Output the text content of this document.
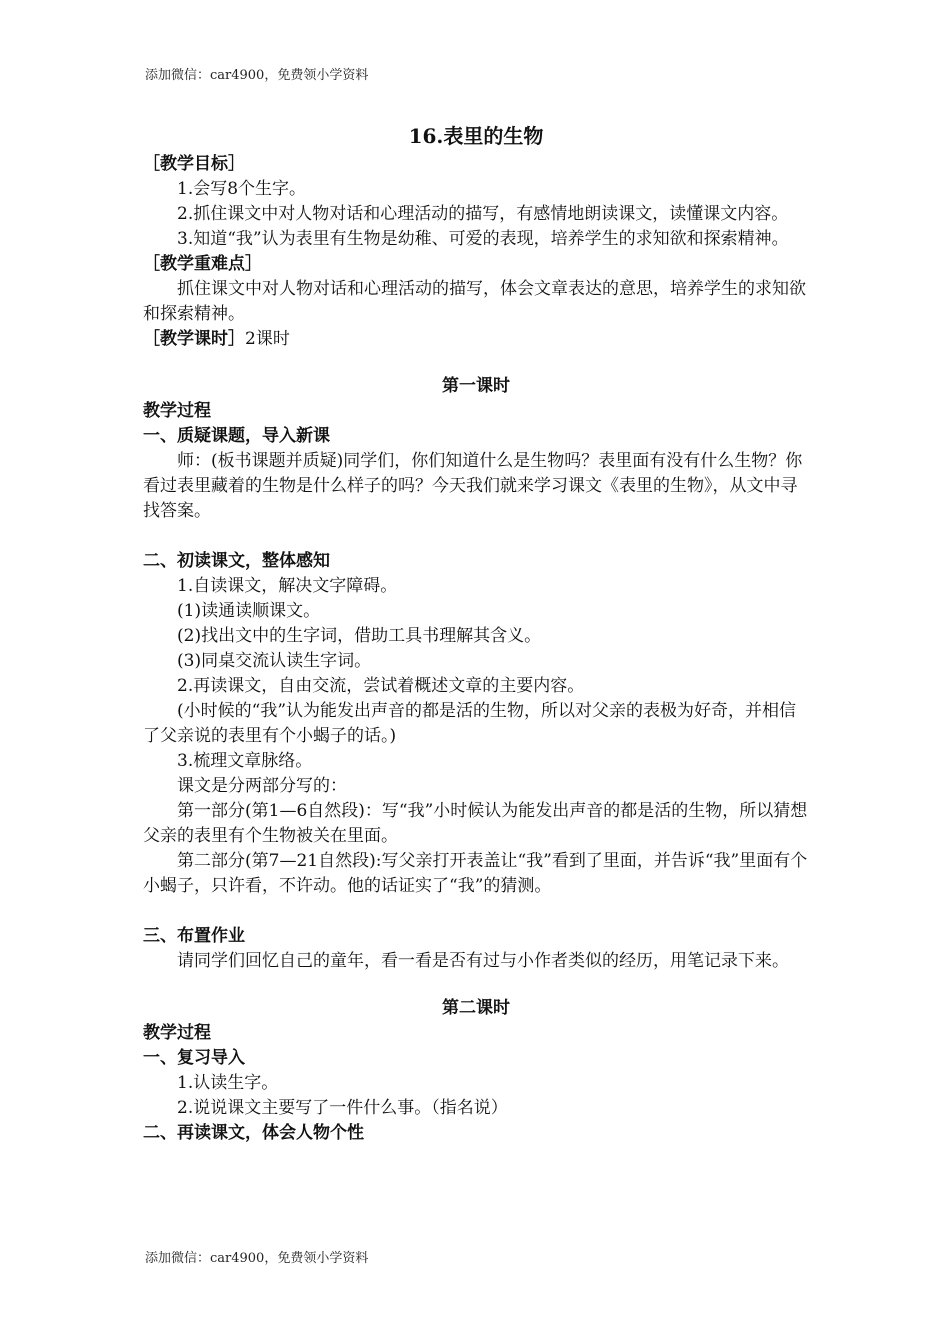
添加微信：car4900，免费领小学资料

16.表里的生物

［教学目标］

1.会写8个生字。

2.抓住课文中对人物对话和心理活动的描写，有感情地朗读课文，读懂课文内容。

3.知道“我”认为表里有生物是幼稚、可爱的表现，培养学生的求知欲和探索精神。

［教学重难点］

抓住课文中对人物对话和心理活动的描写，体会文章表达的意思，培养学生的求知欲和探索精神。

［教学课时］2课时

第一课时

教学过程

一、质疑课题，导入新课

师：(板书课题并质疑)同学们，你们知道什么是生物吗？表里面有没有什么生物？你看过表里藏着的生物是什么样子的吗？今天我们就来学习课文《表里的生物》，从文中寻找答案。

二、初读课文，整体感知

1.自读课文，解决文字障碍。

(1)读通读顺课文。

(2)找出文中的生字词，借助工具书理解其含义。

(3)同桌交流认读生字词。

2.再读课文，自由交流，尝试着概述文章的主要内容。

(小时候的“我”认为能发出声音的都是活的生物，所以对父亲的表极为好奇，并相信了父亲说的表里有个小蝎子的话。)

3.梳理文章脉络。

课文是分两部分写的：

第一部分(第1—6自然段)：写“我”小时候认为能发出声音的都是活的生物，所以猜想父亲的表里有个生物被关在里面。

第二部分(第7—21自然段):写父亲打开表盖让“我”看到了里面，并告诉“我”里面有个小蝎子，只许看，不许动。他的话证实了“我”的猜测。

三、布置作业

请同学们回忆自己的童年，看一看是否有过与小作者类似的经历，用笔记录下来。

第二课时

教学过程

一、复习导入

1.认读生字。

2.说说课文主要写了一件什么事。（指名说）

二、再读课文，体会人物个性

添加微信：car4900，免费领小学资料
